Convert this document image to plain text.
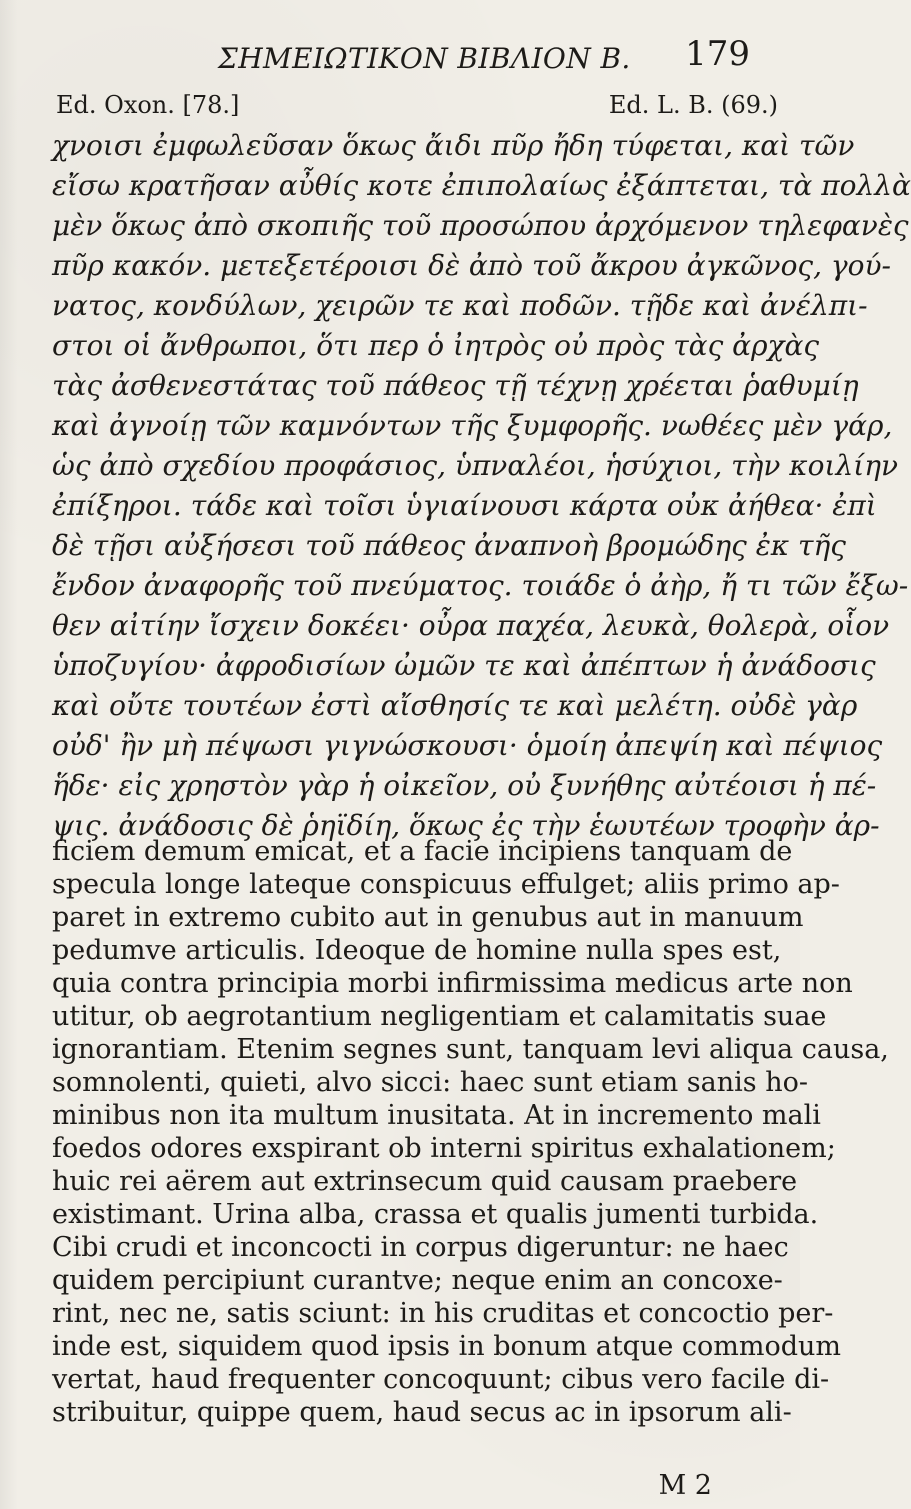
ΣΗΜΕΙΩΤΙΚΟΝ ΒΙΒΛΙΟΝ Β. 179
Ed. Oxon. [78.]	Ed. L. B. (69.)
χνοισι ἐμφωλεῦσαν ὅκως ἄιδι πῦρ ἤδη τύφεται, καὶ τῶν
εἴσω κρατῆσαν αὖθίς κοτε ἐπιπολαίως ἐξάπτεται, τὰ πολλὰ
μὲν ὅκως ἀπὸ σκοπιῆς τοῦ προσώπου ἀρχόμενον τηλεφανὲς
πῦρ κακόν. μετεξετέροισι δὲ ἀπὸ τοῦ ἄκρου ἀγκῶνος, γού-
νατος, κονδύλων, χειρῶν τε καὶ ποδῶν. τῇδε καὶ ἀνέλπι-
στοι οἱ ἄνθρωποι, ὅτι περ ὁ ἰητρὸς οὐ πρὸς τὰς ἀρχὰς
τὰς ἀσθενεστάτας τοῦ πάθεος τῇ τέχνῃ χρέεται ῥαθυμίῃ
καὶ ἀγνοίῃ τῶν καμνόντων τῆς ξυμφορῆς. νωθέες μὲν γάρ,
ὡς ἀπὸ σχεδίου προφάσιος, ὑπναλέοι, ἡσύχιοι, τὴν κοιλίην
ἐπίξηροι. τάδε καὶ τοῖσι ὑγιαίνουσι κάρτα οὐκ ἀήθεα· ἐπὶ
δὲ τῇσι αὐξήσεσι τοῦ πάθεος ἀναπνοὴ βρομώδης ἐκ τῆς
ἔνδον ἀναφορῆς τοῦ πνεύματος. τοιάδε ὁ ἀὴρ, ἤ τι τῶν ἔξω-
θεν αἰτίην ἴσχειν δοκέει· οὖρα παχέα, λευκὰ, θολερὰ, οἷον
ὑποζυγίου· ἀφροδισίων ὠμῶν τε καὶ ἀπέπτων ἡ ἀνάδοσις
καὶ οὔτε τουτέων ἐστὶ αἴσθησίς τε καὶ μελέτη. οὐδὲ γὰρ
οὐδ' ἢν μὴ πέψωσι γιγνώσκουσι· ὁμοίη ἀπεψίη καὶ πέψιος
ἥδε· εἰς χρηστὸν γὰρ ἡ οἰκεῖον, οὐ ξυνήθης αὐτέοισι ἡ πέ-
ψις. ἀνάδοσις δὲ ῥηϊδίη, ὅκως ἐς τὴν ἑωυτέων τροφὴν ἀρ-
ficiem demum emicat, et a facie incipiens tanquam de
specula longe lateque conspicuus effulget; aliis primo ap-
paret in extremo cubito aut in genubus aut in manuum
pedumve articulis. Ideoque de homine nulla spes est,
quia contra principia morbi infirmissima medicus arte non
utitur, ob aegrotantium negligentiam et calamitatis suae
ignorantiam. Etenim segnes sunt, tanquam levi aliqua causa,
somnolenti, quieti, alvo sicci: haec sunt etiam sanis ho-
minibus non ita multum inusitata. At in incremento mali
foedos odores exspirant ob interni spiritus exhalationem;
huic rei aërem aut extrinsecum quid causam praebere
existimant. Urina alba, crassa et qualis jumenti turbida.
Cibi crudi et inconcocti in corpus digeruntur: ne haec
quidem percipiunt curantve; neque enim an concoxe-
rint, nec ne, satis sciunt: in his cruditas et concoctio per-
inde est, siquidem quod ipsis in bonum atque commodum
vertat, haud frequenter concoquunt; cibus vero facile di-
stribuitur, quippe quem, haud secus ac in ipsorum ali-
M 2
